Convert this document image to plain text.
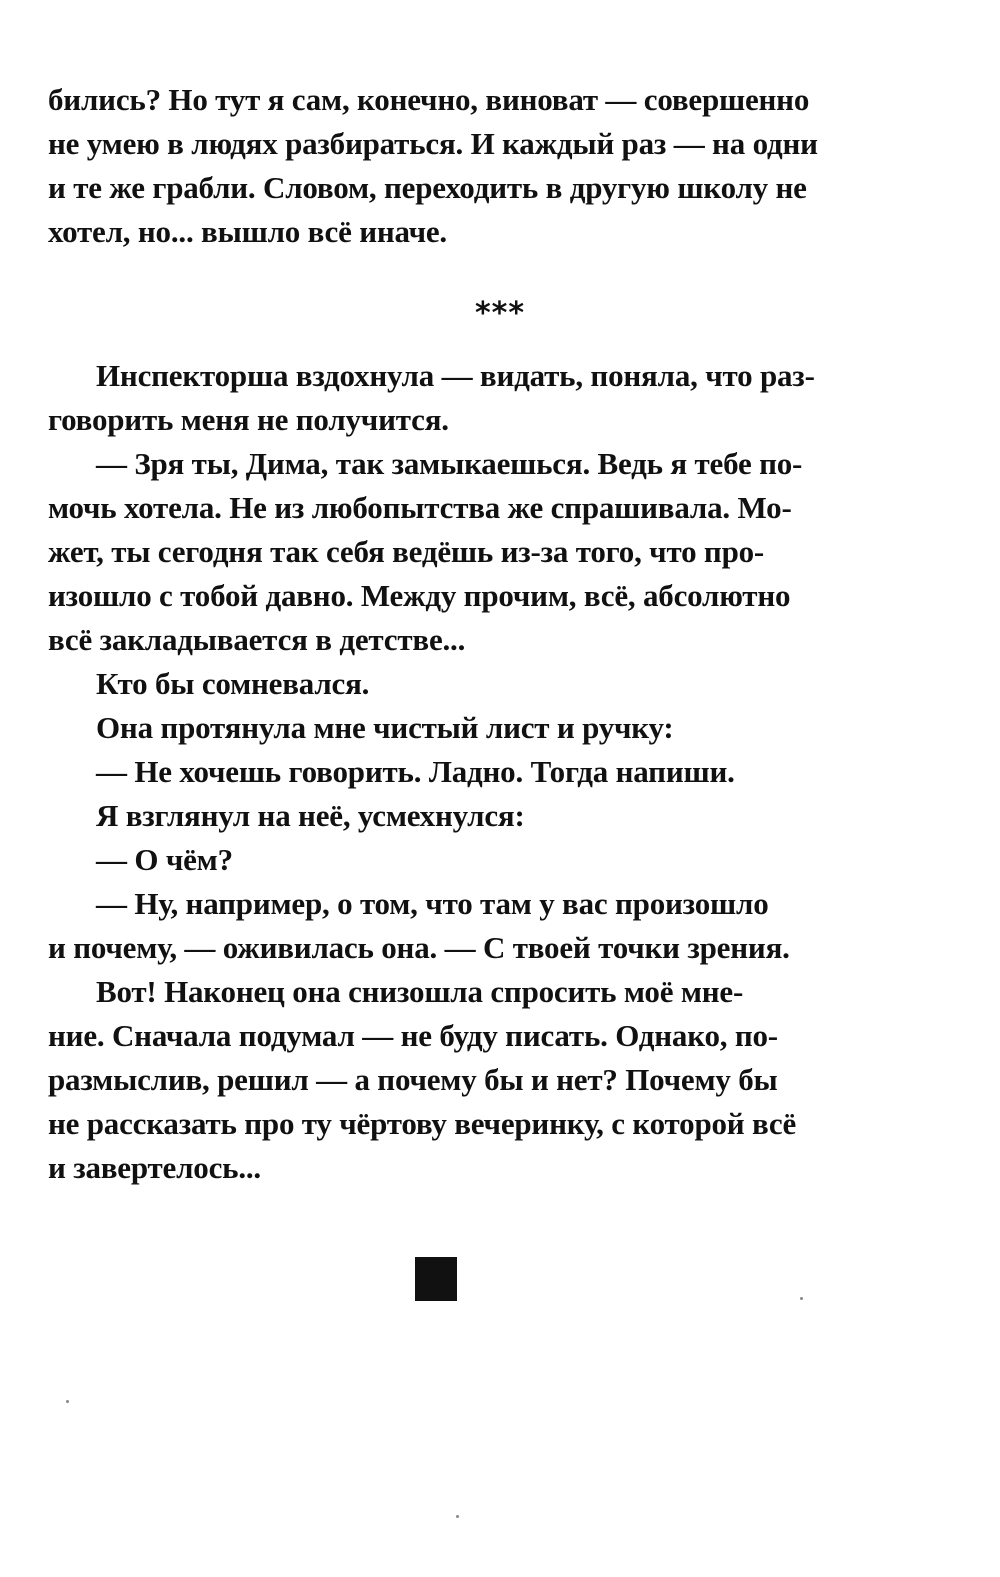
бились? Но тут я сам, конечно, виноват — совершенно
не умею в людях разбираться. И каждый раз — на одни
и те же грабли. Словом, переходить в другую школу не
хотел, но... вышло всё иначе.
***
Инспекторша вздохнула — видать, поняла, что раз-
говорить меня не получится.
— Зря ты, Дима, так замыкаешься. Ведь я тебе по-
мочь хотела. Не из любопытства же спрашивала. Мо-
жет, ты сегодня так себя ведёшь из-за того, что про-
изошло с тобой давно. Между прочим, всё, абсолютно
всё закладывается в детстве...
Кто бы сомневался.
Она протянула мне чистый лист и ручку:
— Не хочешь говорить. Ладно. Тогда напиши.
Я взглянул на неё, усмехнулся:
— О чём?
— Ну, например, о том, что там у вас произошло
и почему, — оживилась она. — С твоей точки зрения.
Вот! Наконец она снизошла спросить моё мне-
ние. Сначала подумал — не буду писать. Однако, по-
размыслив, решил — а почему бы и нет? Почему бы
не рассказать про ту чёртову вечеринку, с которой всё
и завертелось...
